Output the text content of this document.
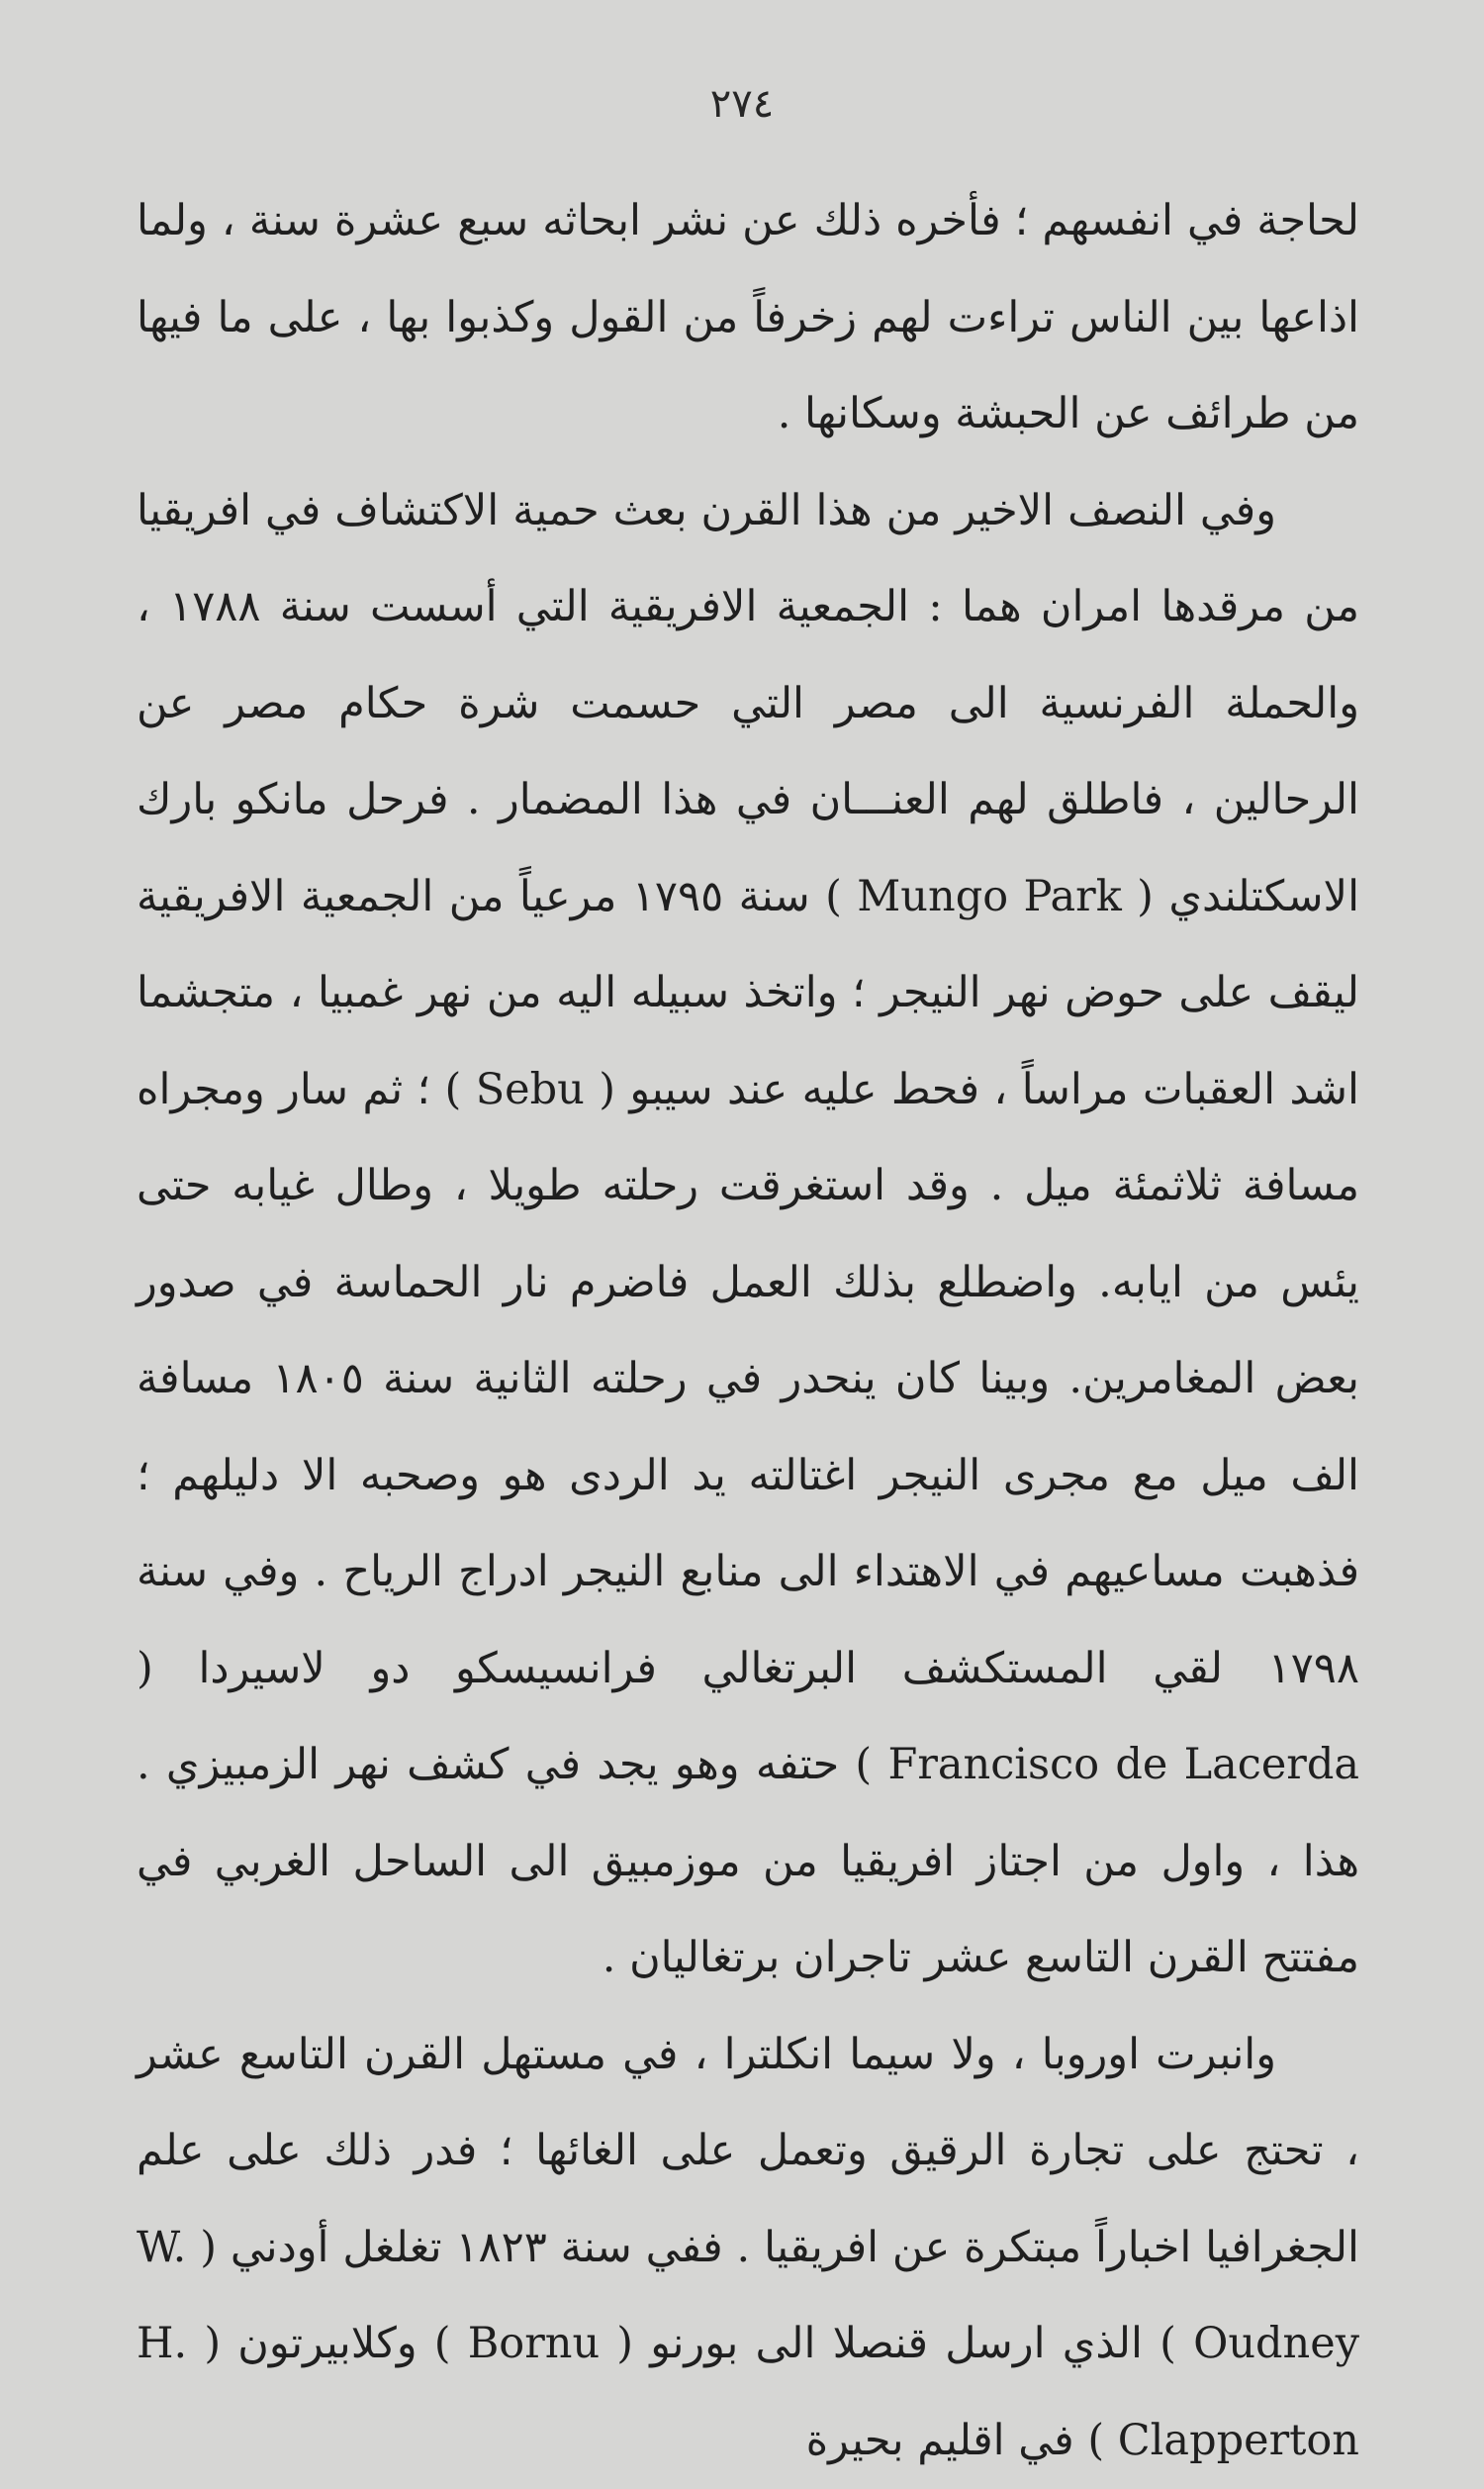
٢٧٤

لحاجة في انفسهم ؛ فأخره ذلك عن نشر ابحاثه سبع عشرة سنة ، ولما اذاعها بين الناس تراءت لهم زخرفاً من القول وكذبوا بها ، على ما فيها من طرائف عن الحبشة وسكانها .

وفي النصف الاخير من هذا القرن بعث حمية الاكتشاف في افريقيا من مرقدها امران هما : الجمعية الافريقية التي أسست سنة ١٧٨٨ ، والحملة الفرنسية الى مصر التي حسمت شرة حكام مصر عن الرحالين ، فاطلق لهم العنـــان في هذا المضمار . فرحل مانكو بارك الاسكتلندي ( Mungo Park ) سنة ١٧٩٥ مرعياً من الجمعية الافريقية ليقف على حوض نهر النيجر ؛ واتخذ سبيله اليه من نهر غمبيا ، متجشما اشد العقبات مراساً ، فحط عليه عند سيبو ( Sebu ) ؛ ثم سار ومجراه مسافة ثلاثمئة ميل . وقد استغرقت رحلته طويلا ، وطال غيابه حتى يئس من ايابه. واضطلع بذلك العمل فاضرم نار الحماسة في صدور بعض المغامرين. وبينا كان ينحدر في رحلته الثانية سنة ١٨٠٥ مسافة الف ميل مع مجرى النيجر اغتالته يد الردى هو وصحبه الا دليلهم ؛ فذهبت مساعيهم في الاهتداء الى منابع النيجر ادراج الرياح . وفي سنة ١٧٩٨ لقي المستكشف البرتغالي فرانسيسكو دو لاسيردا ( Francisco de Lacerda ) حتفه وهو يجد في كشف نهر الزمبيزي . هذا ، واول من اجتاز افريقيا من موزمبيق الى الساحل الغربي في مفتتح القرن التاسع عشر تاجران برتغاليان .

وانبرت اوروبا ، ولا سيما انكلترا ، في مستهل القرن التاسع عشر ، تحتج على تجارة الرقيق وتعمل على الغائها ؛ فدر ذلك على علم الجغرافيا اخباراً مبتكرة عن افريقيا . ففي سنة ١٨٢٣ تغلغل أودني ( W. Oudney ) الذي ارسل قنصلا الى بورنو ( Bornu ) وكلابيرتون ( H. Clapperton ) في اقليم بحيرة
